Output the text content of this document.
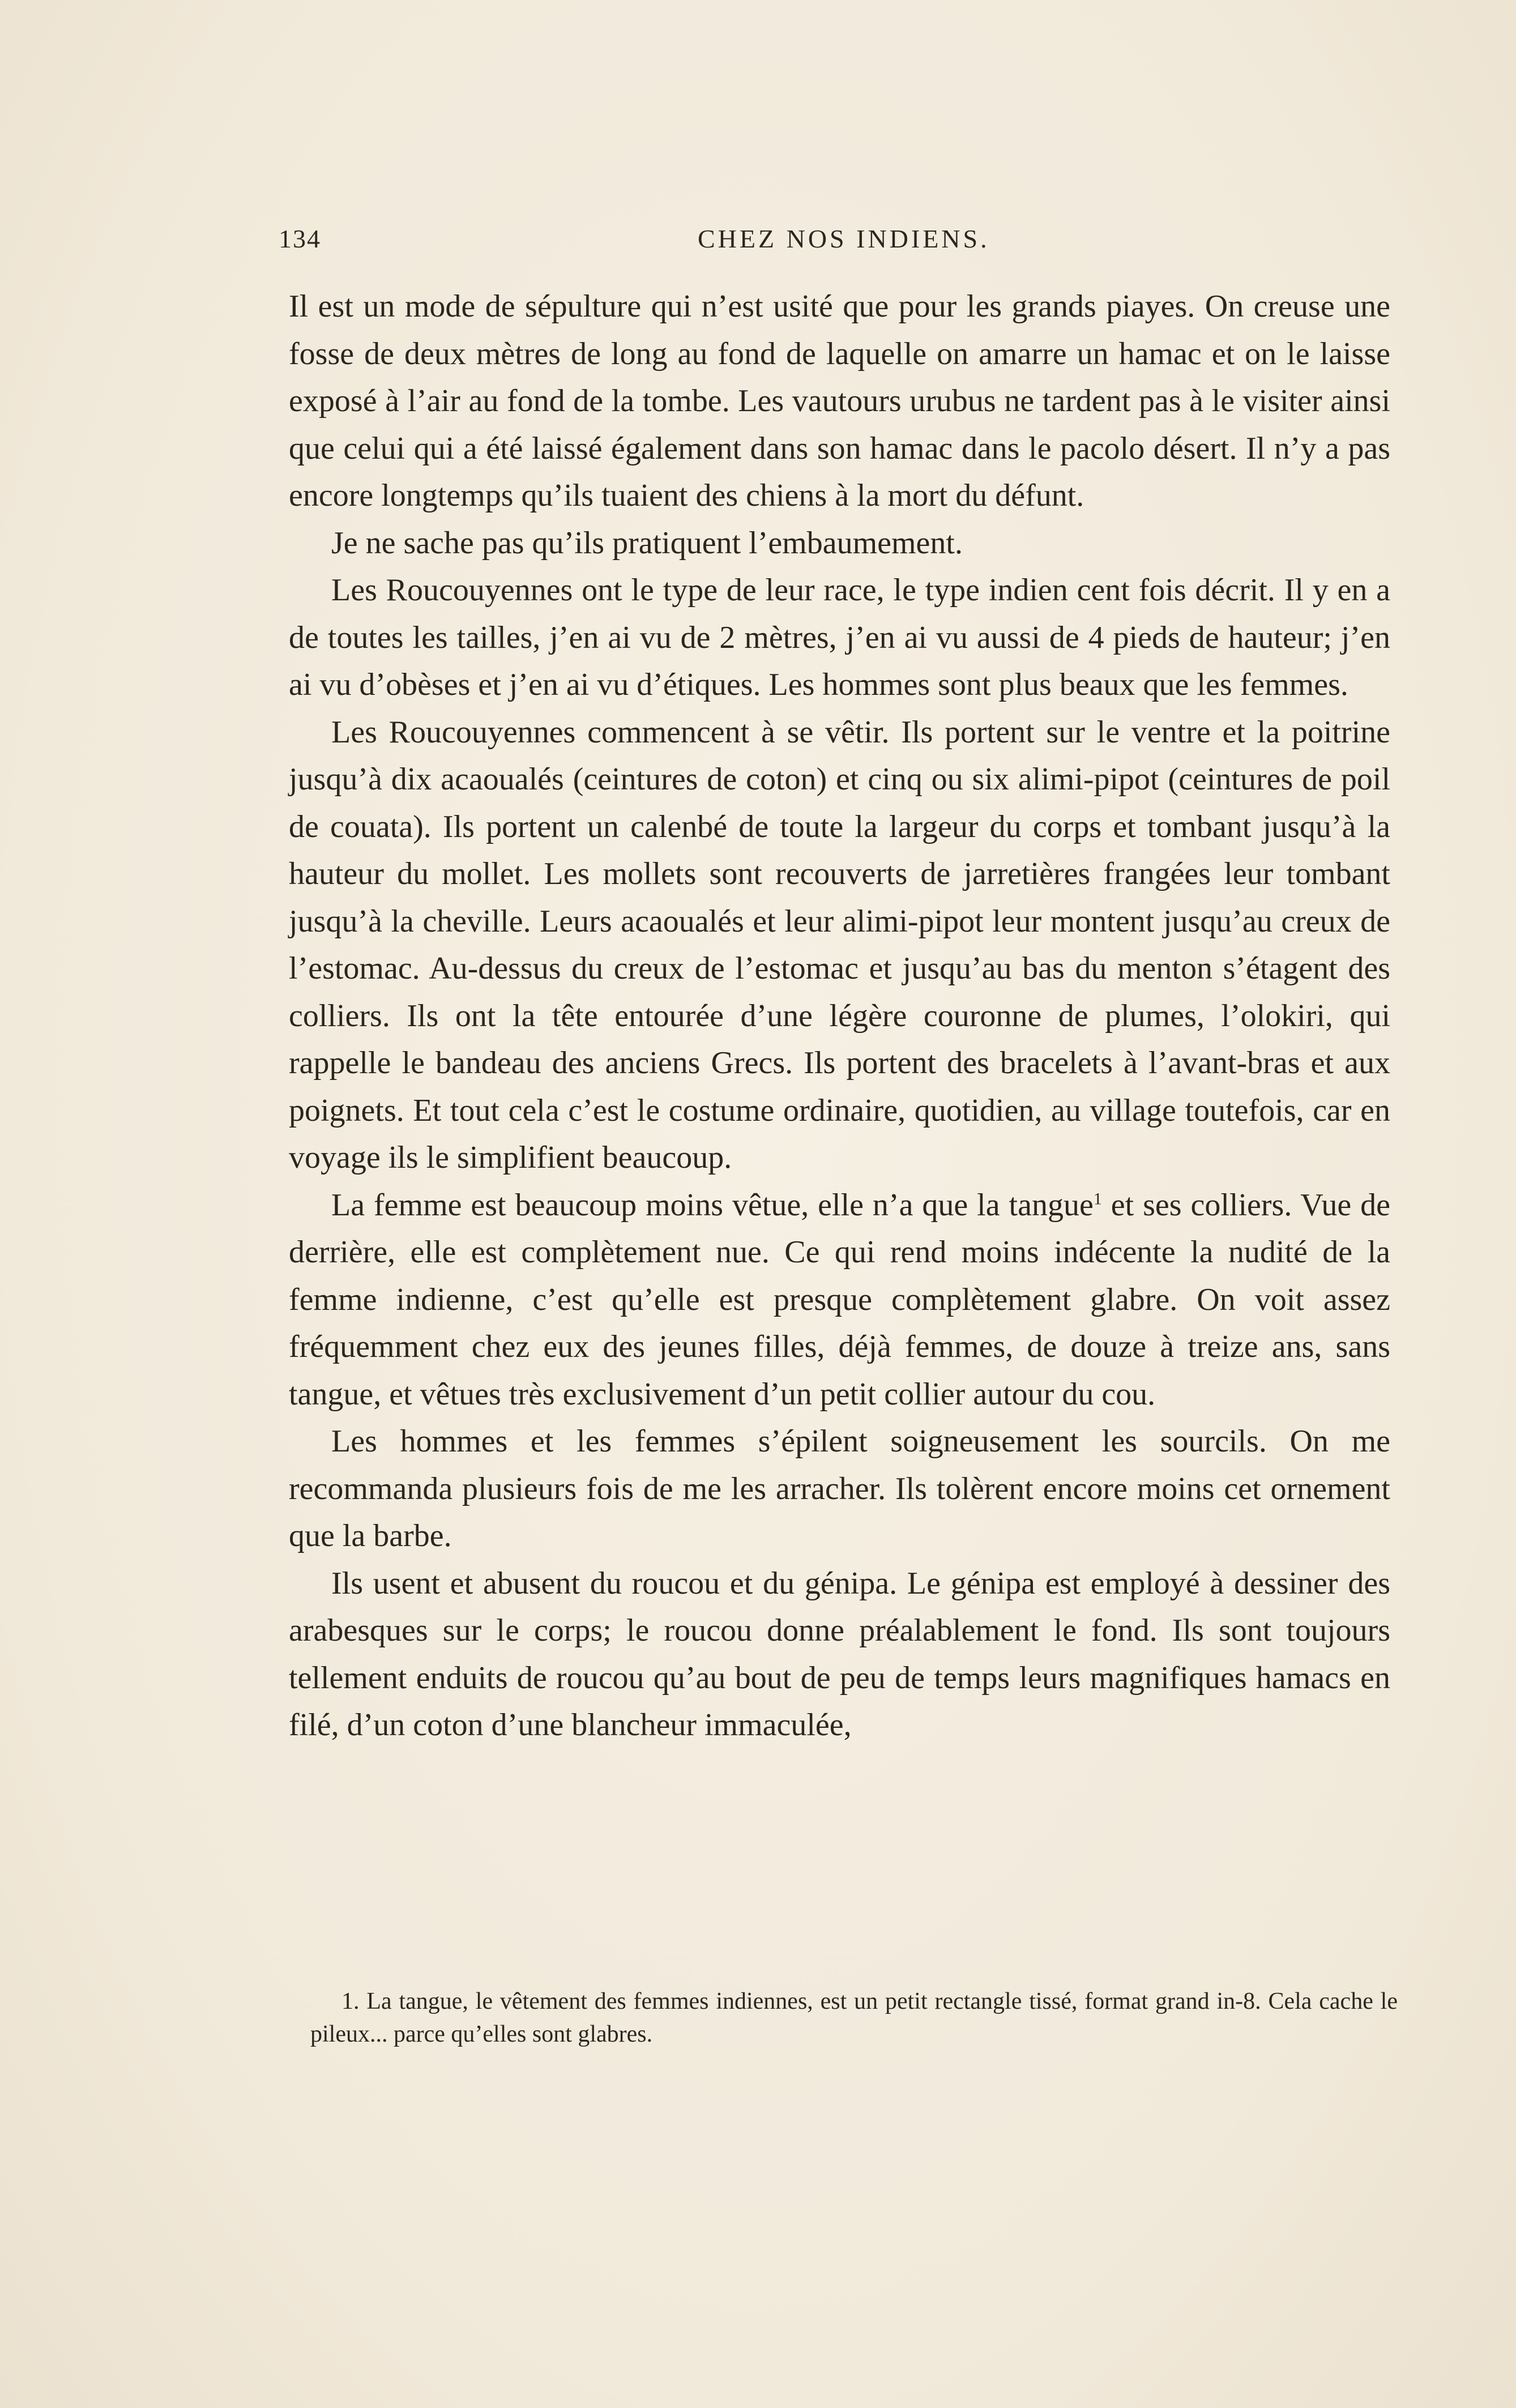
134	CHEZ NOS INDIENS.

Il est un mode de sépulture qui n’est usité que pour les grands piayes. On creuse une fosse de deux mètres de long au fond de laquelle on amarre un hamac et on le laisse exposé à l’air au fond de la tombe. Les vautours urubus ne tardent pas à le visiter ainsi que celui qui a été laissé également dans son hamac dans le pacolo désert. Il n’y a pas encore longtemps qu’ils tuaient des chiens à la mort du défunt.

Je ne sache pas qu’ils pratiquent l’embaumement.

Les Roucouyennes ont le type de leur race, le type indien cent fois décrit. Il y en a de toutes les tailles, j’en ai vu de 2 mètres, j’en ai vu aussi de 4 pieds de hauteur; j’en ai vu d’obèses et j’en ai vu d’étiques. Les hommes sont plus beaux que les femmes.

Les Roucouyennes commencent à se vêtir. Ils portent sur le ventre et la poitrine jusqu’à dix acaoualés (ceintures de coton) et cinq ou six alimi-pipot (ceintures de poil de couata). Ils portent un calenbé de toute la largeur du corps et tombant jusqu’à la hauteur du mollet. Les mollets sont recouverts de jarretières frangées leur tombant jusqu’à la cheville. Leurs acaoualés et leur alimi-pipot leur montent jusqu’au creux de l’estomac. Au-dessus du creux de l’estomac et jusqu’au bas du menton s’étagent des colliers. Ils ont la tête entourée d’une légère couronne de plumes, l’olokiri, qui rappelle le bandeau des anciens Grecs. Ils portent des bracelets à l’avant-bras et aux poignets. Et tout cela c’est le costume ordinaire, quotidien, au village toutefois, car en voyage ils le simplifient beaucoup.

La femme est beaucoup moins vêtue, elle n’a que la tangue$^1$ et ses colliers. Vue de derrière, elle est complètement nue. Ce qui rend moins indécente la nudité de la femme indienne, c’est qu’elle est presque complètement glabre. On voit assez fréquemment chez eux des jeunes filles, déjà femmes, de douze à treize ans, sans tangue, et vêtues très exclusivement d’un petit collier autour du cou.

Les hommes et les femmes s’épilent soigneusement les sourcils. On me recommanda plusieurs fois de me les arracher. Ils tolèrent encore moins cet ornement que la barbe.

Ils usent et abusent du roucou et du génipa. Le génipa est employé à dessiner des arabesques sur le corps; le roucou donne préalablement le fond. Ils sont toujours tellement enduits de roucou qu’au bout de peu de temps leurs magnifiques hamacs en filé, d’un coton d’une blancheur immaculée,

1. La tangue, le vêtement des femmes indiennes, est un petit rectangle tissé, format grand in-8. Cela cache le pileux... parce qu’elles sont glabres.
